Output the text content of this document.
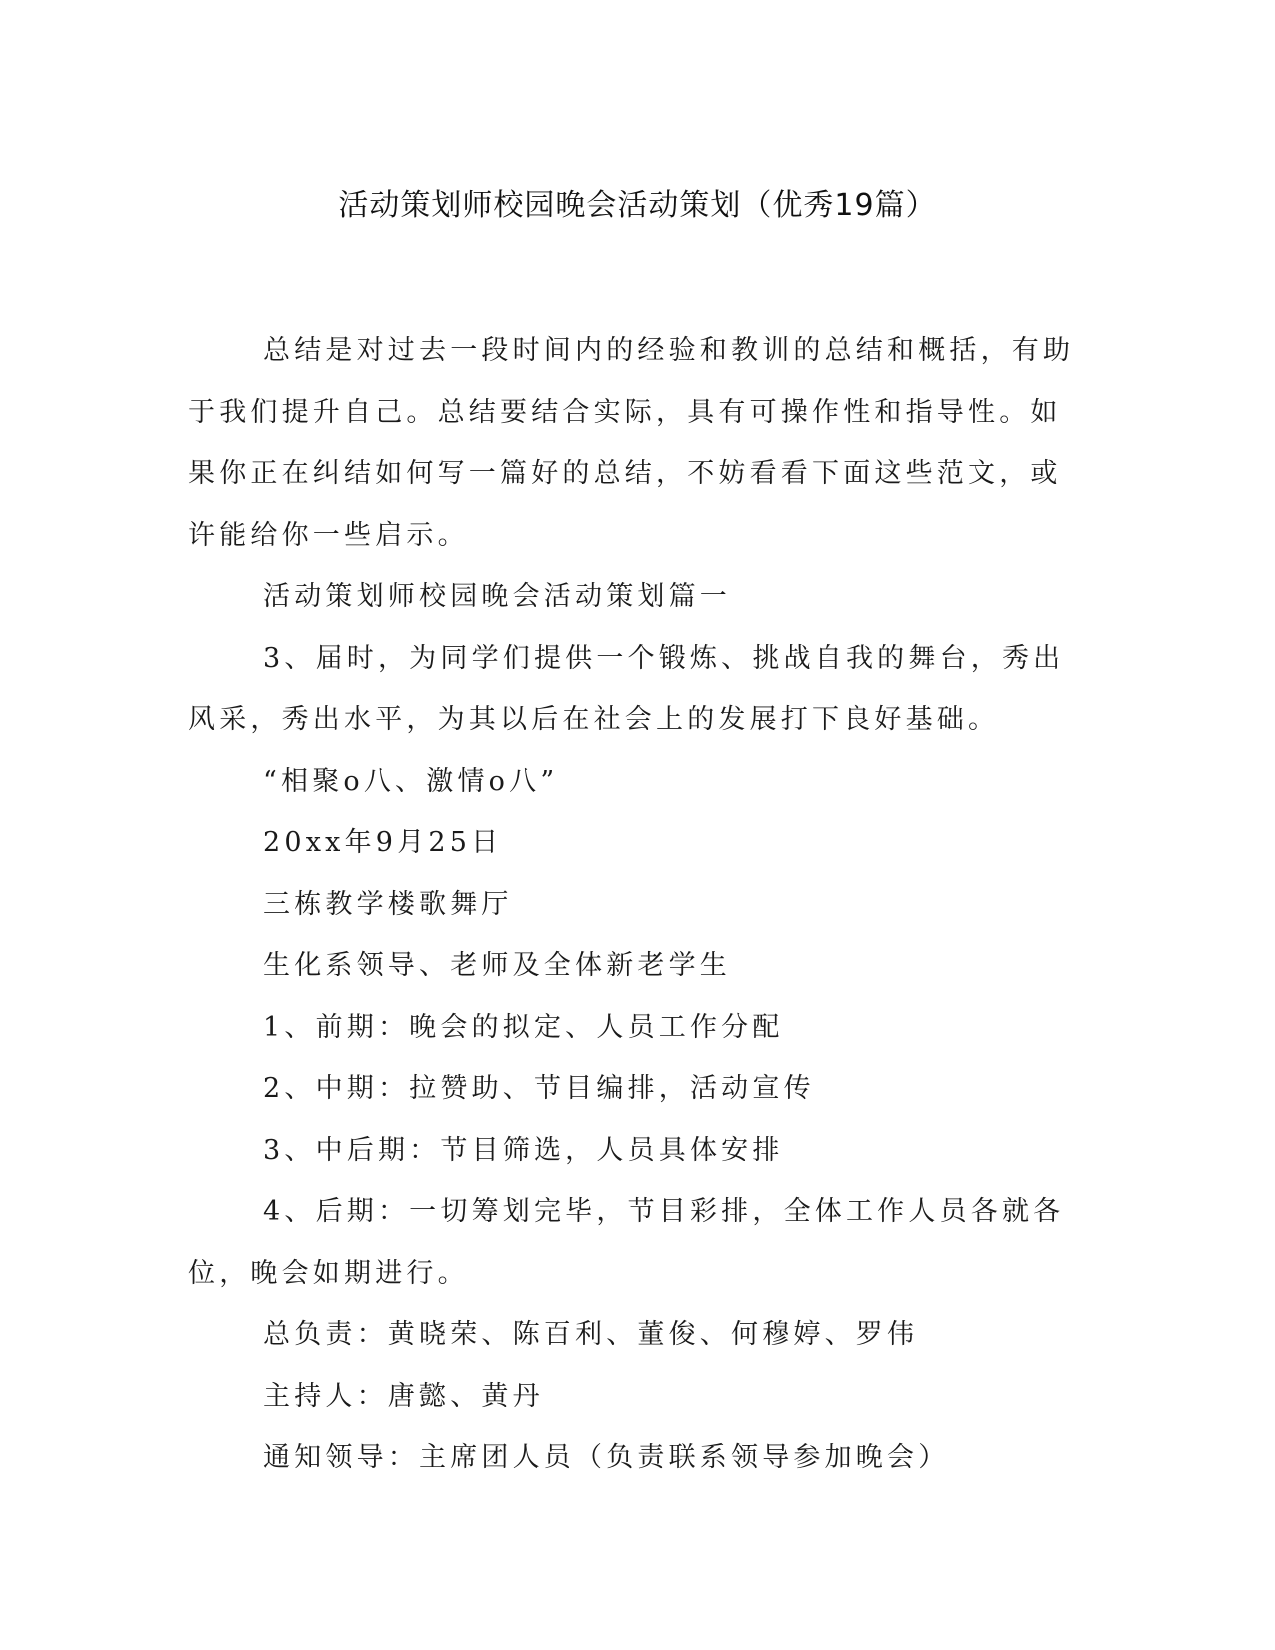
活动策划师校园晚会活动策划（优秀19篇）

总结是对过去一段时间内的经验和教训的总结和概括，有助于我们提升自己。总结要结合实际，具有可操作性和指导性。如果你正在纠结如何写一篇好的总结，不妨看看下面这些范文，或许能给你一些启示。

活动策划师校园晚会活动策划篇一

3、届时，为同学们提供一个锻炼、挑战自我的舞台，秀出风采，秀出水平，为其以后在社会上的发展打下良好基础。

“相聚o八、激情o八”

20xx年9月25日

三栋教学楼歌舞厅

生化系领导、老师及全体新老学生

1、前期：晚会的拟定、人员工作分配

2、中期：拉赞助、节目编排，活动宣传

3、中后期：节目筛选，人员具体安排

4、后期：一切筹划完毕，节目彩排，全体工作人员各就各位，晚会如期进行。

总负责：黄晓荣、陈百利、董俊、何穆婷、罗伟

主持人：唐懿、黄丹

通知领导：主席团人员（负责联系领导参加晚会）
